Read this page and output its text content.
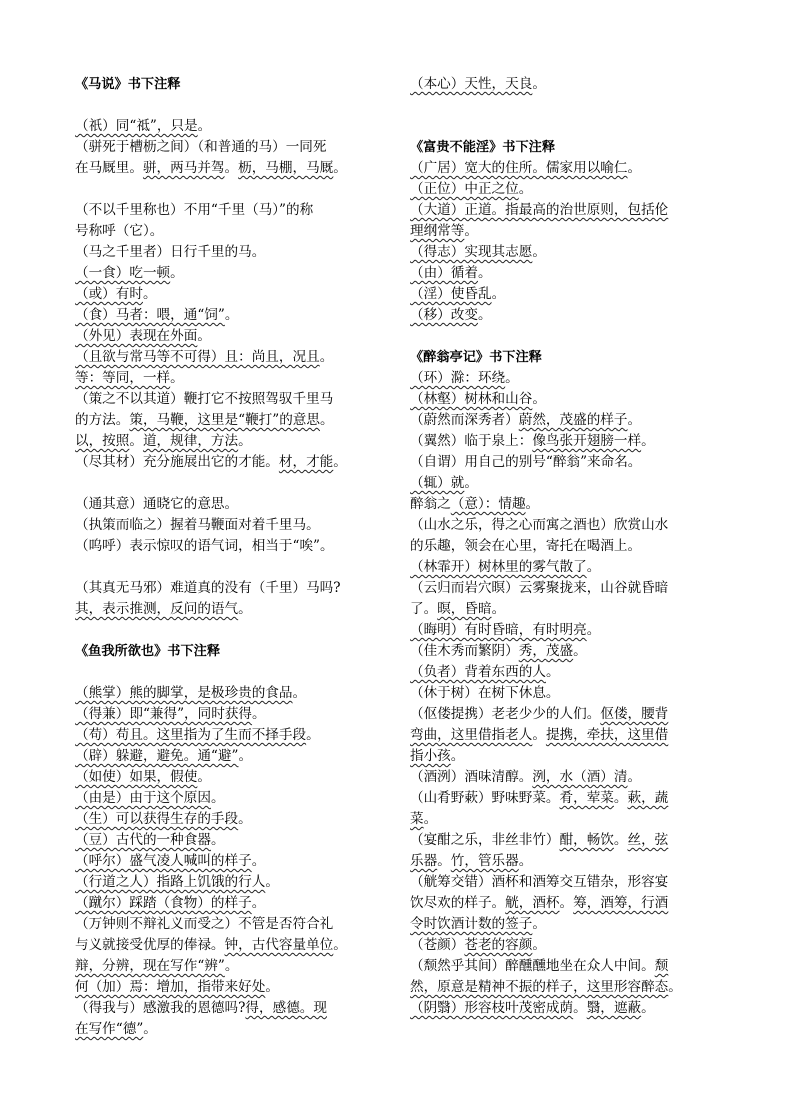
《马说》书下注释
（祇）同“祗”，只是。
（骈死于槽枥之间）（和普通的马）一同死
在马厩里。骈，两马并驾。枥，马棚，马厩。
（不以千里称也）不用“千里（马）”的称
号称呼（它）。
（马之千里者）日行千里的马。
（一食）吃一顿。
（或）有时。
（食）马者：喂，通“饲”。
（外见）表现在外面。
（且欲与常马等不可得）且：尚且，况且。
等：等同，一样。
（策之不以其道）鞭打它不按照驾驭千里马
的方法。策，马鞭，这里是“鞭打”的意思。
以，按照。道，规律，方法。
（尽其材）充分施展出它的才能。材，才能。
（通其意）通晓它的意思。
（执策而临之）握着马鞭面对着千里马。
（呜呼）表示惊叹的语气词，相当于“唉”。
（其真无马邪）难道真的没有（千里）马吗?
其，表示推测，反问的语气。
《鱼我所欲也》书下注释
（熊掌）熊的脚掌，是极珍贵的食品。
（得兼）即“兼得”，同时获得。
（苟）苟且。这里指为了生而不择手段。
（辟）躲避，避免。通“避”。
（如使）如果，假使。
（由是）由于这个原因。
（生）可以获得生存的手段。
（豆）古代的一种食器。
（呼尔）盛气凌人喊叫的样子。
（行道之人）指路上饥饿的行人。
（蹴尔）踩踏（食物）的样子。
（万钟则不辩礼义而受之）不管是否符合礼
与义就接受优厚的俸禄。钟，古代容量单位。
辩，分辨，现在写作“辨”。
何（加）焉：增加，指带来好处。
（得我与）感激我的恩德吗?得，感德。现
在写作“德”。
（本心）天性，天良。
《富贵不能淫》书下注释
（广居）宽大的住所。儒家用以喻仁。
（正位）中正之位。
（大道）正道。指最高的治世原则，包括伦
理纲常等。
（得志）实现其志愿。
（由）循着。
（淫）使昏乱。
（移）改变。
《醉翁亭记》书下注释
（环）滁：环绕。
（林壑）树林和山谷。
（蔚然而深秀者）蔚然，茂盛的样子。
（翼然）临于泉上：像鸟张开翅膀一样。
（自谓）用自己的别号“醉翁”来命名。
（辄）就。
醉翁之（意）：情趣。
（山水之乐，得之心而寓之酒也）欣赏山水
的乐趣，领会在心里，寄托在喝酒上。
（林霏开）树林里的雾气散了。
（云归而岩穴暝）云雾聚拢来，山谷就昏暗
了。暝，昏暗。
（晦明）有时昏暗，有时明亮。
（佳木秀而繁阴）秀，茂盛。
（负者）背着东西的人。
（休于树）在树下休息。
（伛偻提携）老老少少的人们。伛偻，腰背
弯曲，这里借指老人。提携，牵扶，这里借
指小孩。
（酒洌）酒味清醇。洌，水（酒）清。
（山肴野蔌）野味野菜。肴，荤菜。蔌，蔬
菜。
（宴酣之乐，非丝非竹）酣，畅饮。丝，弦
乐器。竹，管乐器。
（觥筹交错）酒杯和酒筹交互错杂，形容宴
饮尽欢的样子。觥，酒杯。筹，酒筹，行酒
令时饮酒计数的签子。
（苍颜）苍老的容颜。
（颓然乎其间）醉醺醺地坐在众人中间。颓
然，原意是精神不振的样子，这里形容醉态。
（阴翳）形容枝叶茂密成荫。翳，遮蔽。
